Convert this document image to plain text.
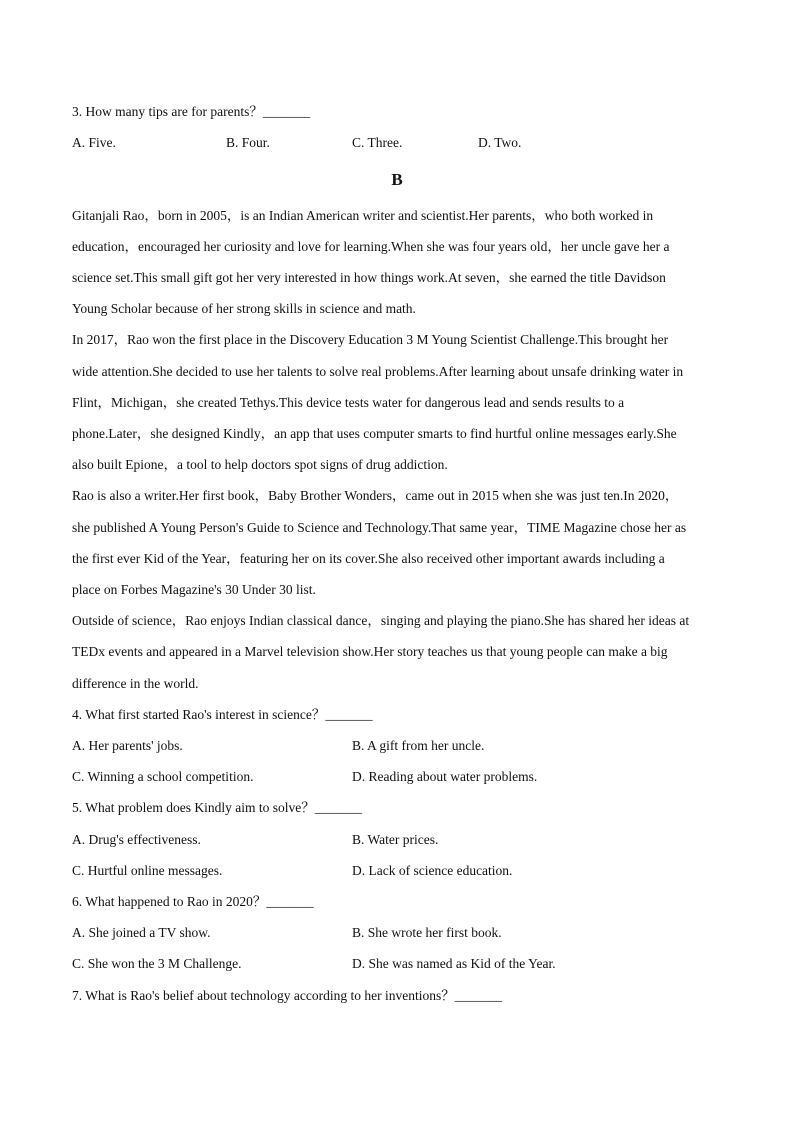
3. How many tips are for parents？_______
A. Five.	B. Four.	C. Three.	D. Two.
B
Gitanjali Rao，born in 2005，is an Indian American writer and scientist.Her parents，who both worked in
education，encouraged her curiosity and love for learning.When she was four years old，her uncle gave her a
science set.This small gift got her very interested in how things work.At seven，she earned the title Davidson
Young Scholar because of her strong skills in science and math.
In 2017，Rao won the first place in the Discovery Education 3 M Young Scientist Challenge.This brought her
wide attention.She decided to use her talents to solve real problems.After learning about unsafe drinking water in
Flint，Michigan，she created Tethys.This device tests water for dangerous lead and sends results to a
phone.Later，she designed Kindly，an app that uses computer smarts to find hurtful online messages early.She
also built Epione，a tool to help doctors spot signs of drug addiction.
Rao is also a writer.Her first book，Baby Brother Wonders，came out in 2015 when she was just ten.In 2020，
she published A Young Person's Guide to Science and Technology.That same year，TIME Magazine chose her as
the first ever Kid of the Year，featuring her on its cover.She also received other important awards including a
place on Forbes Magazine's 30 Under 30 list.
Outside of science，Rao enjoys Indian classical dance，singing and playing the piano.She has shared her ideas at
TEDx events and appeared in a Marvel television show.Her story teaches us that young people can make a big
difference in the world.
4. What first started Rao's interest in science？_______
A. Her parents' jobs.	B. A gift from her uncle.
C. Winning a school competition.	D. Reading about water problems.
5. What problem does Kindly aim to solve？_______
A. Drug's effectiveness.	B. Water prices.
C. Hurtful online messages.	D. Lack of science education.
6. What happened to Rao in 2020？_______
A. She joined a TV show.	B. She wrote her first book.
C. She won the 3 M Challenge.	D. She was named as Kid of the Year.
7. What is Rao's belief about technology according to her inventions？_______
